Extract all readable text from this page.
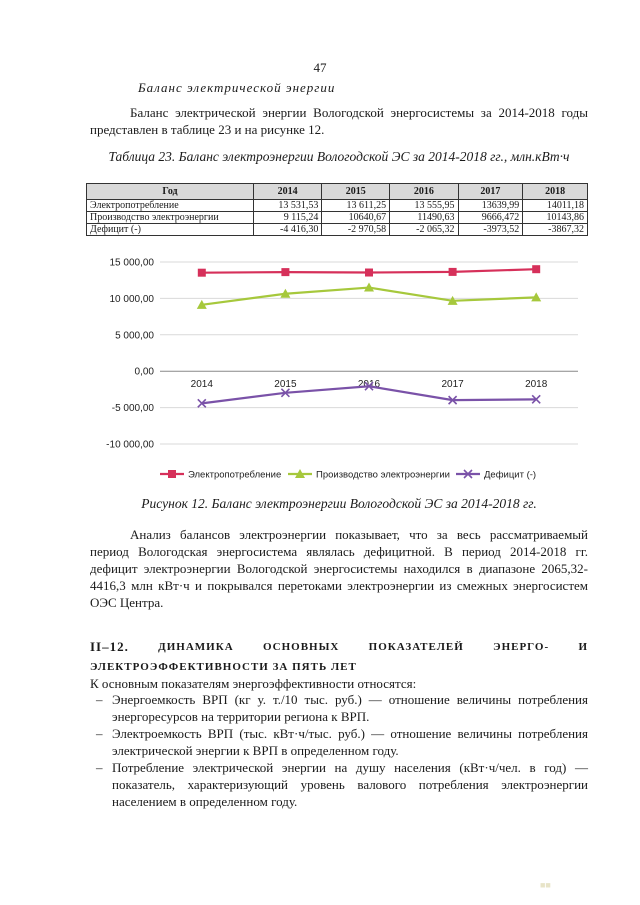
47
Баланс электрической энергии
Баланс электрической энергии Вологодской энергосистемы за 2014-2018 годы представлен в таблице 23 и на рисунке 12.
Таблица 23. Баланс электроэнергии Вологодской ЭС за 2014-2018 гг., млн.кВт·ч
Год	2014	2015	2016	2017	2018
Электропотребление	13 531,53	13 611,25	13 555,95	13639,99	14011,18
Производство электроэнергии	9 115,24	10640,67	11490,63	9666,472	10143,86
Дефицит (-)	-4 416,30	-2 970,58	-2 065,32	-3973,52	-3867,32
15 000,00
10 000,00
5 000,00
0,00
-5 000,00
-10 000,00
2014	2015	2016	2017	2018
Электропотребление	Производство электроэнергии	Дефицит (-)
Рисунок 12. Баланс электроэнергии Вологодской ЭС за 2014-2018 гг.
Анализ балансов электроэнергии показывает, что за весь рассматриваемый период Вологодская энергосистема являлась дефицитной. В период 2014-2018 гг. дефицит электроэнергии Вологодской энергосистемы находился в диапазоне 2065,32-4416,3 млн кВт·ч и покрывался перетоками электроэнергии из смежных энергосистем ОЭС Центра.
II–12.	ДИНАМИКА	ОСНОВНЫХ	ПОКАЗАТЕЛЕЙ	ЭНЕРГО-	И
ЭЛЕКТРОЭФФЕКТИВНОСТИ ЗА ПЯТЬ ЛЕТ
К основным показателям энергоэффективности относятся:
– Энергоемкость ВРП (кг у. т./10 тыс. руб.) — отношение величины потребления энергоресурсов на территории региона к ВРП.
– Электроемкость ВРП (тыс. кВт·ч/тыс. руб.) — отношение величины потребления электрической энергии к ВРП в определенном году.
– Потребление электрической энергии на душу населения (кВт·ч/чел. в год) — показатель, характеризующий уровень валового потребления электроэнергии населением в определенном году.
■■
